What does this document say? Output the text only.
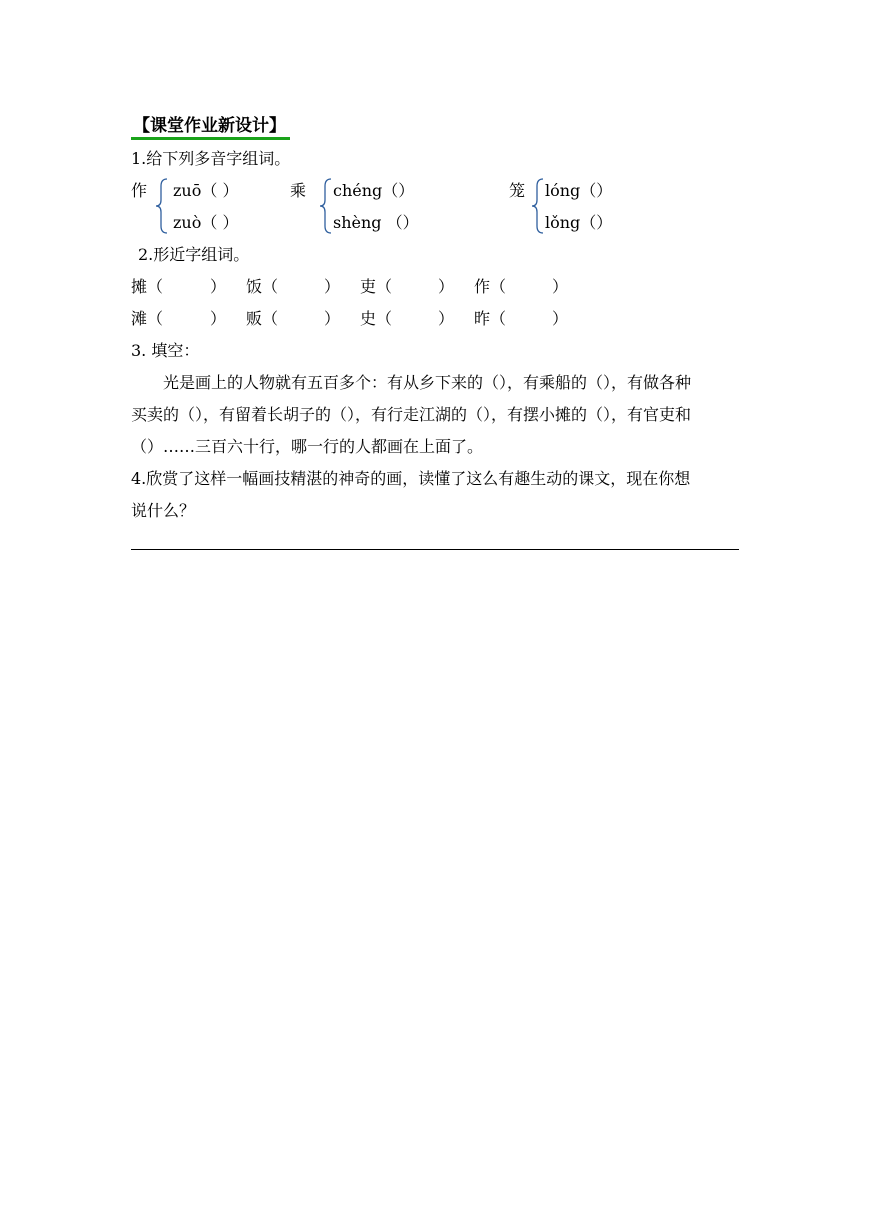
【课堂作业新设计】
1.给下列多音字组词。
作 zuō（ ）
zuò（ ）
乘 chéng（）
shèng （）
笼 lóng（）
lǒng（）
2.形近字组词。
摊（	） 饭（	） 吏（	） 作（	）
滩（	） 贩（	） 史（	） 昨（	）
3. 填空：
光是画上的人物就有五百多个：有从乡下来的（），有乘船的（），有做各种
买卖的（），有留着长胡子的（），有行走江湖的（），有摆小摊的（），有官吏和
（）……三百六十行，哪一行的人都画在上面了。
4.欣赏了这样一幅画技精湛的神奇的画，读懂了这么有趣生动的课文，现在你想
说什么？
